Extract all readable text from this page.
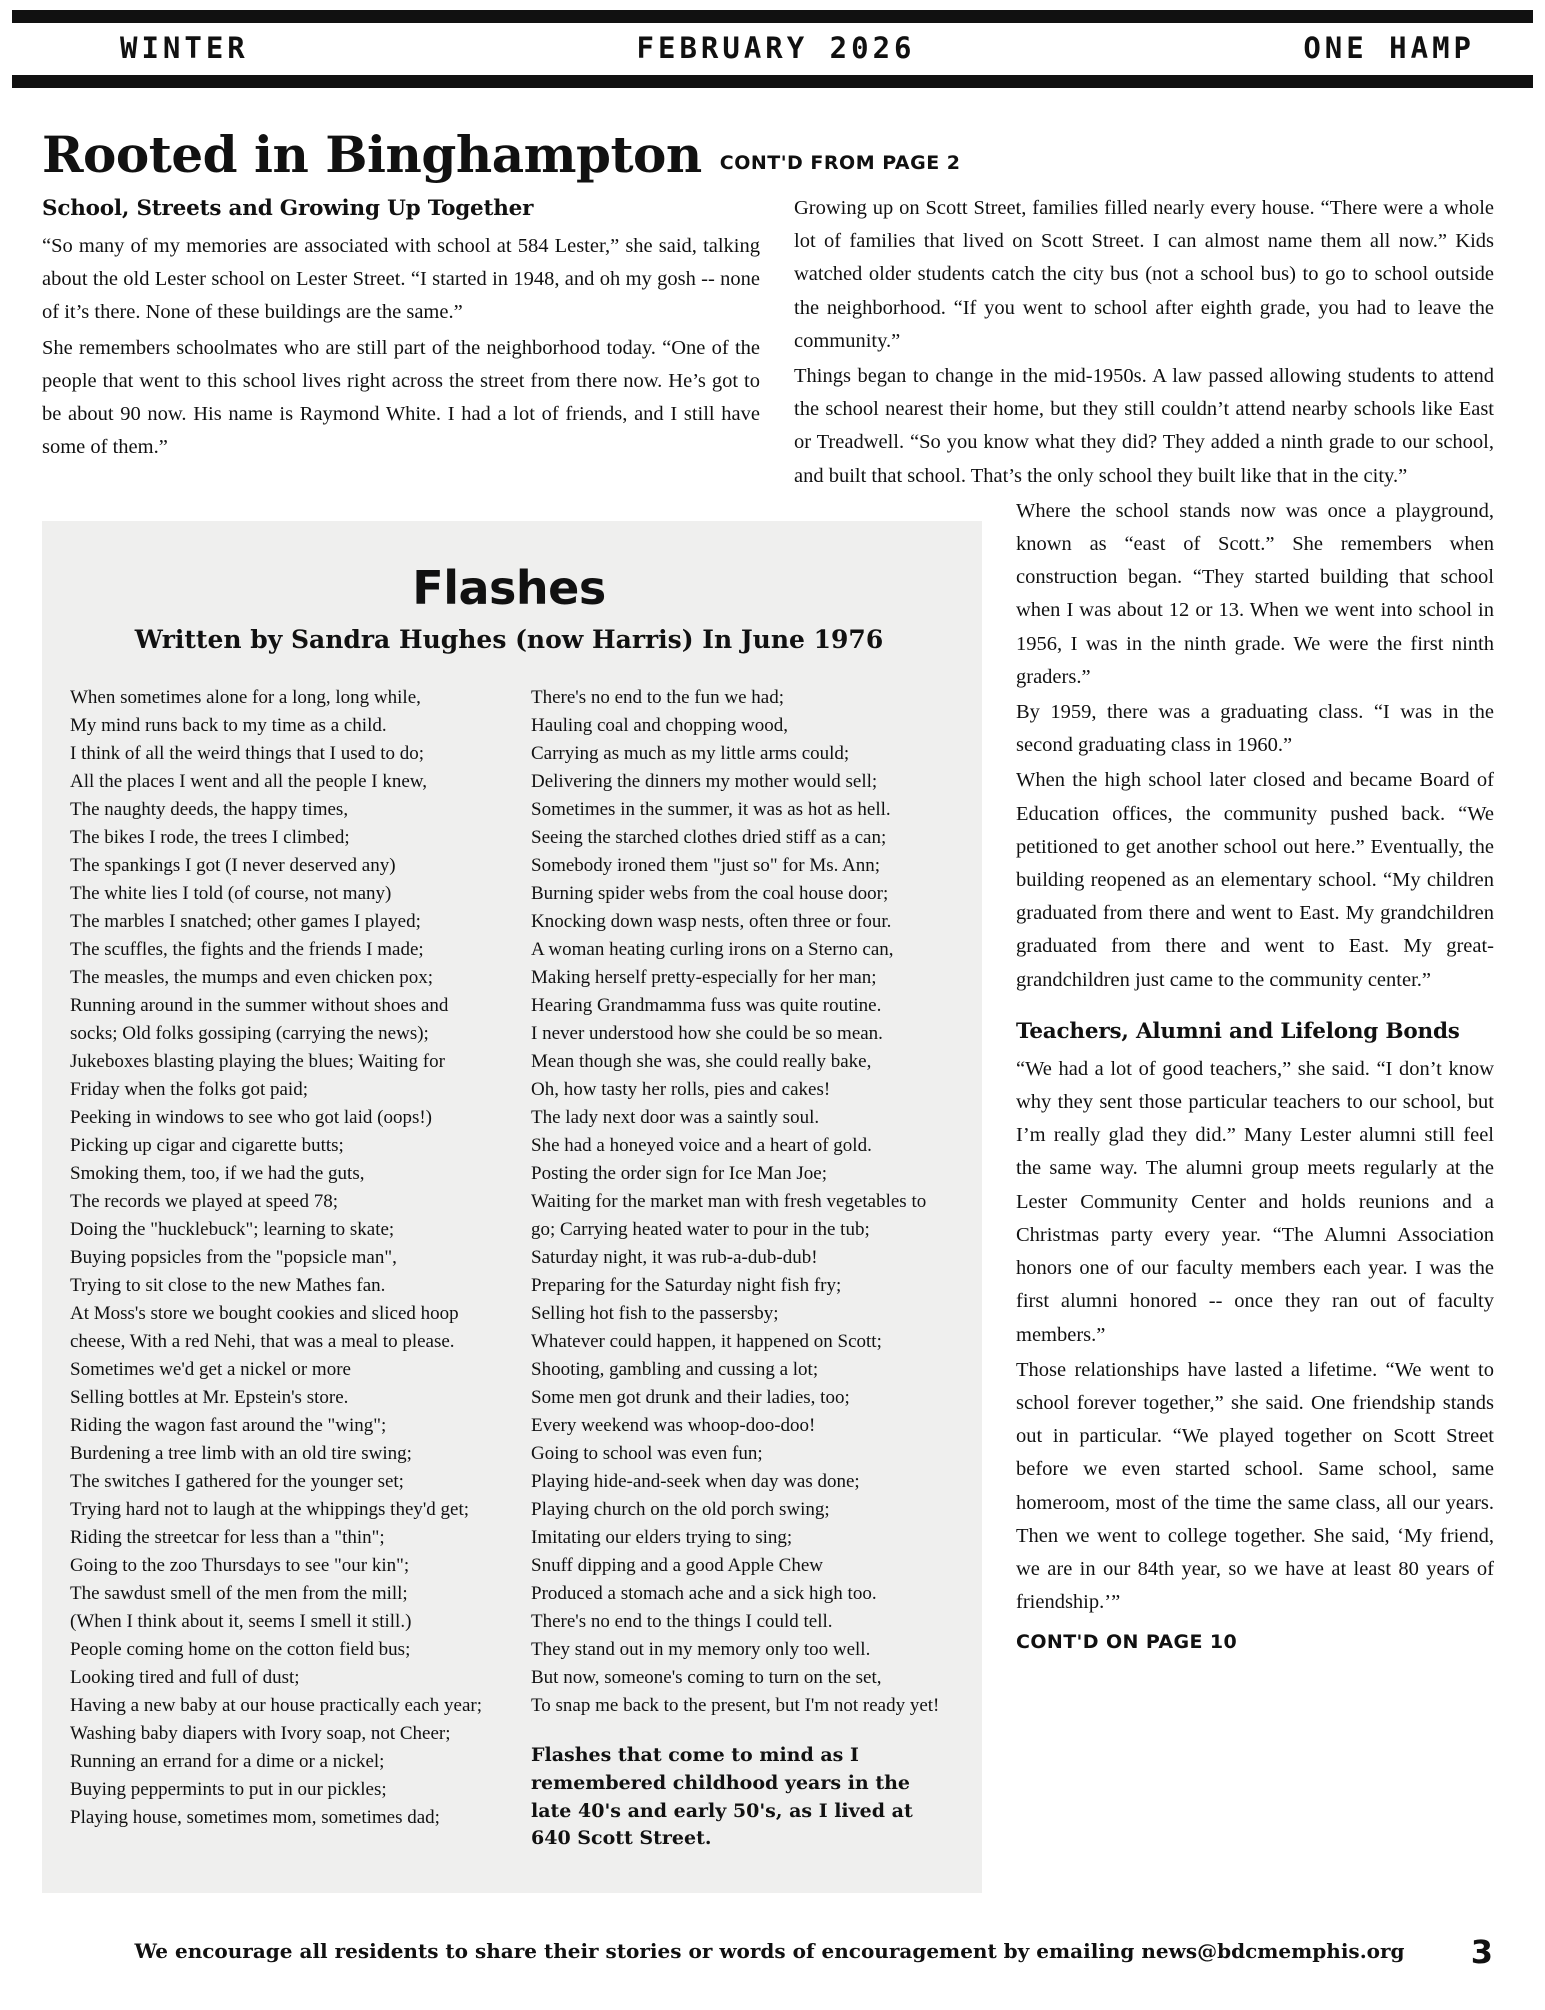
WINTER	FEBRUARY 2026	ONE HAMP
Rooted in Binghampton CONT'D FROM PAGE 2
School, Streets and Growing Up Together

“So many of my memories are associated with school at 584 Lester,” she said, talking about the old Lester school on Lester Street. “I started in 1948, and oh my gosh -- none of it’s there. None of these buildings are the same.”

She remembers schoolmates who are still part of the neighborhood today. “One of the people that went to this school lives right across the street from there now. He’s got to be about 90 now. His name is Raymond White. I had a lot of friends, and I still have some of them.”

Growing up on Scott Street, families filled nearly every house. “There were a whole lot of families that lived on Scott Street. I can almost name them all now.” Kids watched older students catch the city bus (not a school bus) to go to school outside the neighborhood. “If you went to school after eighth grade, you had to leave the community.”

Things began to change in the mid-1950s. A law passed allowing students to attend the school nearest their home, but they still couldn’t attend nearby schools like East or Treadwell. “So you know what they did? They added a ninth grade to our school, and built that school. That’s the only school they built like that in the city.”

Flashes
Written by Sandra Hughes (now Harris) In June 1976
When sometimes alone for a long, long while,
My mind runs back to my time as a child.
I think of all the weird things that I used to do;
All the places I went and all the people I knew,
The naughty deeds, the happy times,
The bikes I rode, the trees I climbed;
The spankings I got (I never deserved any)
The white lies I told (of course, not many)
The marbles I snatched; other games I played;
The scuffles, the fights and the friends I made;
The measles, the mumps and even chicken pox;
Running around in the summer without shoes and socks; Old folks gossiping (carrying the news);
Jukeboxes blasting playing the blues; Waiting for Friday when the folks got paid;
Peeking in windows to see who got laid (oops!)
Picking up cigar and cigarette butts;
Smoking them, too, if we had the guts,
The records we played at speed 78;
Doing the "hucklebuck"; learning to skate;
Buying popsicles from the "popsicle man",
Trying to sit close to the new Mathes fan.
At Moss's store we bought cookies and sliced hoop cheese, With a red Nehi, that was a meal to please.
Sometimes we'd get a nickel or more
Selling bottles at Mr. Epstein's store.
Riding the wagon fast around the "wing";
Burdening a tree limb with an old tire swing;
The switches I gathered for the younger set;
Trying hard not to laugh at the whippings they'd get;
Riding the streetcar for less than a "thin";
Going to the zoo Thursdays to see "our kin";
The sawdust smell of the men from the mill;
(When I think about it, seems I smell it still.)
People coming home on the cotton field bus;
Looking tired and full of dust;
Having a new baby at our house practically each year; Washing baby diapers with Ivory soap, not Cheer; Running an errand for a dime or a nickel;
Buying peppermints to put in our pickles;
Playing house, sometimes mom, sometimes dad;
There's no end to the fun we had;
Hauling coal and chopping wood,
Carrying as much as my little arms could;
Delivering the dinners my mother would sell;
Sometimes in the summer, it was as hot as hell.
Seeing the starched clothes dried stiff as a can;
Somebody ironed them "just so" for Ms. Ann;
Burning spider webs from the coal house door;
Knocking down wasp nests, often three or four.
A woman heating curling irons on a Sterno can,
Making herself pretty-especially for her man;
Hearing Grandmamma fuss was quite routine.
I never understood how she could be so mean.
Mean though she was, she could really bake,
Oh, how tasty her rolls, pies and cakes!
The lady next door was a saintly soul.
She had a honeyed voice and a heart of gold.
Posting the order sign for Ice Man Joe;
Waiting for the market man with fresh vegetables to go; Carrying heated water to pour in the tub;
Saturday night, it was rub-a-dub-dub!
Preparing for the Saturday night fish fry;
Selling hot fish to the passersby;
Whatever could happen, it happened on Scott;
Shooting, gambling and cussing a lot;
Some men got drunk and their ladies, too;
Every weekend was whoop-doo-doo!
Going to school was even fun;
Playing hide-and-seek when day was done;
Playing church on the old porch swing;
Imitating our elders trying to sing;
Snuff dipping and a good Apple Chew
Produced a stomach ache and a sick high too.
There's no end to the things I could tell.
They stand out in my memory only too well.
But now, someone's coming to turn on the set,
To snap me back to the present, but I'm not ready yet!
Flashes that come to mind as I remembered childhood years in the late 40's and early 50's, as I lived at 640 Scott Street.

Where the school stands now was once a playground, known as “east of Scott.” She remembers when construction began. “They started building that school when I was about 12 or 13. When we went into school in 1956, I was in the ninth grade. We were the first ninth graders.”

By 1959, there was a graduating class. “I was in the second graduating class in 1960.”

When the high school later closed and became Board of Education offices, the community pushed back. “We petitioned to get another school out here.” Eventually, the building reopened as an elementary school. “My children graduated from there and went to East. My grandchildren graduated from there and went to East. My great-grandchildren just came to the community center.”

Teachers, Alumni and Lifelong Bonds

“We had a lot of good teachers,” she said. “I don’t know why they sent those particular teachers to our school, but I’m really glad they did.” Many Lester alumni still feel the same way. The alumni group meets regularly at the Lester Community Center and holds reunions and a Christmas party every year. “The Alumni Association honors one of our faculty members each year. I was the first alumni honored -- once they ran out of faculty members.”

Those relationships have lasted a lifetime. “We went to school forever together,” she said. One friendship stands out in particular. “We played together on Scott Street before we even started school. Same school, same homeroom, most of the time the same class, all our years. Then we went to college together. She said, ‘My friend, we are in our 84th year, so we have at least 80 years of friendship.’”

CONT'D ON PAGE 10
We encourage all residents to share their stories or words of encouragement by emailing news@bdcmemphis.org 3
